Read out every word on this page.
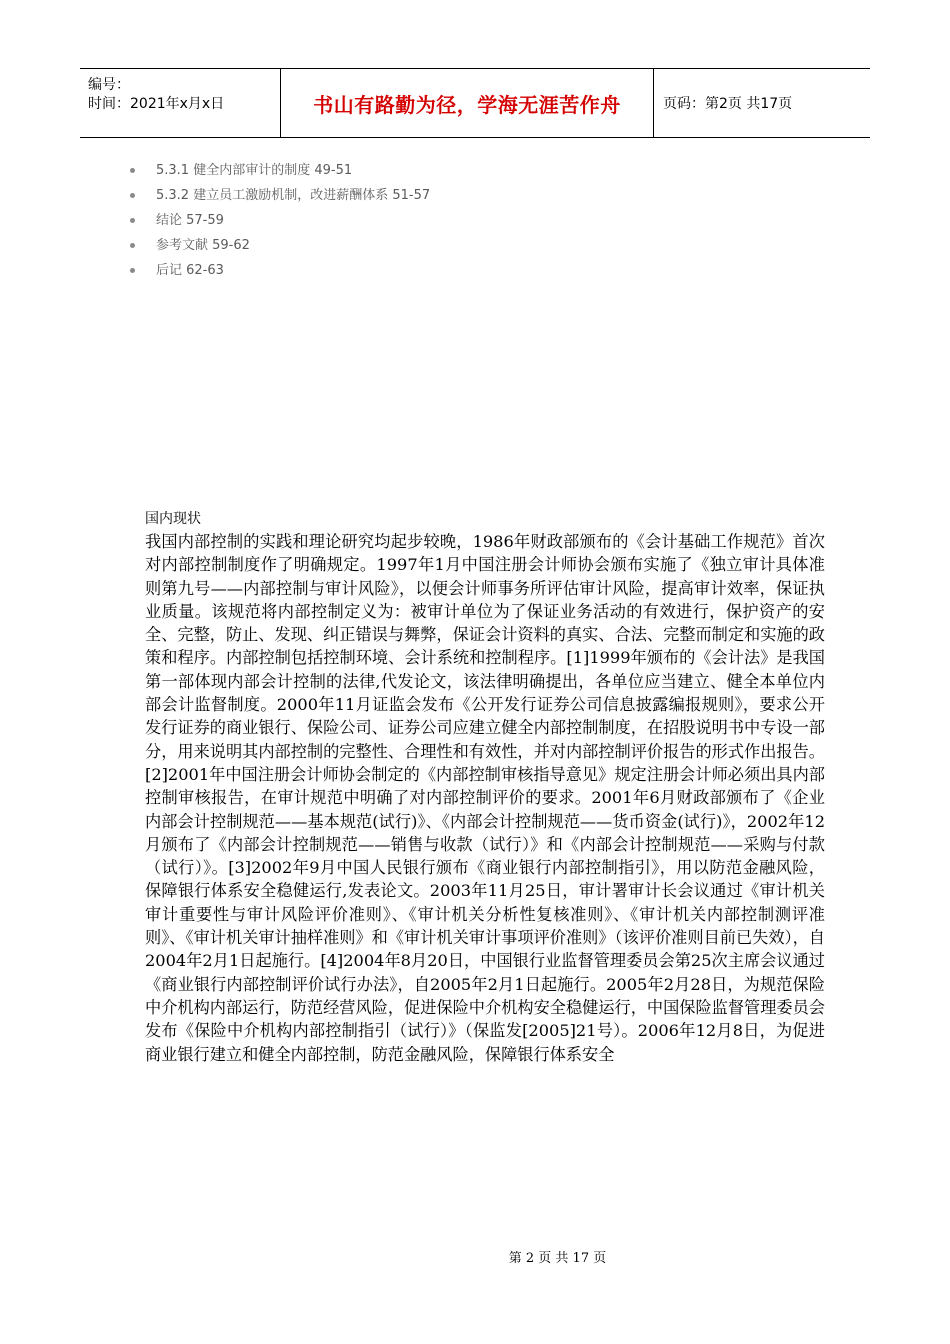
编号：
时间：2021年x月x日	书山有路勤为径，学海无涯苦作舟	页码：第2页 共17页
5.3.1 健全内部审计的制度 49-51
5.3.2 建立员工激励机制，改进薪酬体系 51-57
结论 57-59
参考文献 59-62
后记 62-63
国内现状

我国内部控制的实践和理论研究均起步较晚，1986年财政部颁布的《会计基础工作规范》首次对内部控制制度作了明确规定。1997年1月中国注册会计师协会颁布实施了《独立审计具体准则第九号——内部控制与审计风险》，以便会计师事务所评估审计风险，提高审计效率，保证执业质量。该规范将内部控制定义为：被审计单位为了保证业务活动的有效进行，保护资产的安全、完整，防止、发现、纠正错误与舞弊，保证会计资料的真实、合法、完整而制定和实施的政策和程序。内部控制包括控制环境、会计系统和控制程序。[1]1999年颁布的《会计法》是我国第一部体现内部会计控制的法律,代发论文，该法律明确提出，各单位应当建立、健全本单位内部会计监督制度。2000年11月证监会发布《公开发行证券公司信息披露编报规则》，要求公开发行证券的商业银行、保险公司、证券公司应建立健全内部控制制度，在招股说明书中专设一部分，用来说明其内部控制的完整性、合理性和有效性，并对内部控制评价报告的形式作出报告。[2]2001年中国注册会计师协会制定的《内部控制审核指导意见》规定注册会计师必须出具内部控制审核报告，在审计规范中明确了对内部控制评价的要求。2001年6月财政部颁布了《企业内部会计控制规范——基本规范(试行)》、《内部会计控制规范——货币资金(试行)》，2002年12月颁布了《内部会计控制规范——销售与收款（试行）》和《内部会计控制规范——采购与付款（试行）》。[3]2002年9月中国人民银行颁布《商业银行内部控制指引》，用以防范金融风险，保障银行体系安全稳健运行,发表论文。2003年11月25日，审计署审计长会议通过《审计机关审计重要性与审计风险评价准则》、《审计机关分析性复核准则》、《审计机关内部控制测评准则》、《审计机关审计抽样准则》和《审计机关审计事项评价准则》（该评价准则目前已失效），自2004年2月1日起施行。[4]2004年8月20日，中国银行业监督管理委员会第25次主席会议通过《商业银行内部控制评价试行办法》，自2005年2月1日起施行。2005年2月28日，为规范保险中介机构内部运行，防范经营风险，促进保险中介机构安全稳健运行，中国保险监督管理委员会发布《保险中介机构内部控制指引（试行）》（保监发[2005]21号）。2006年12月8日，为促进商业银行建立和健全内部控制，防范金融风险，保障银行体系安全

第 2 页 共 17 页
